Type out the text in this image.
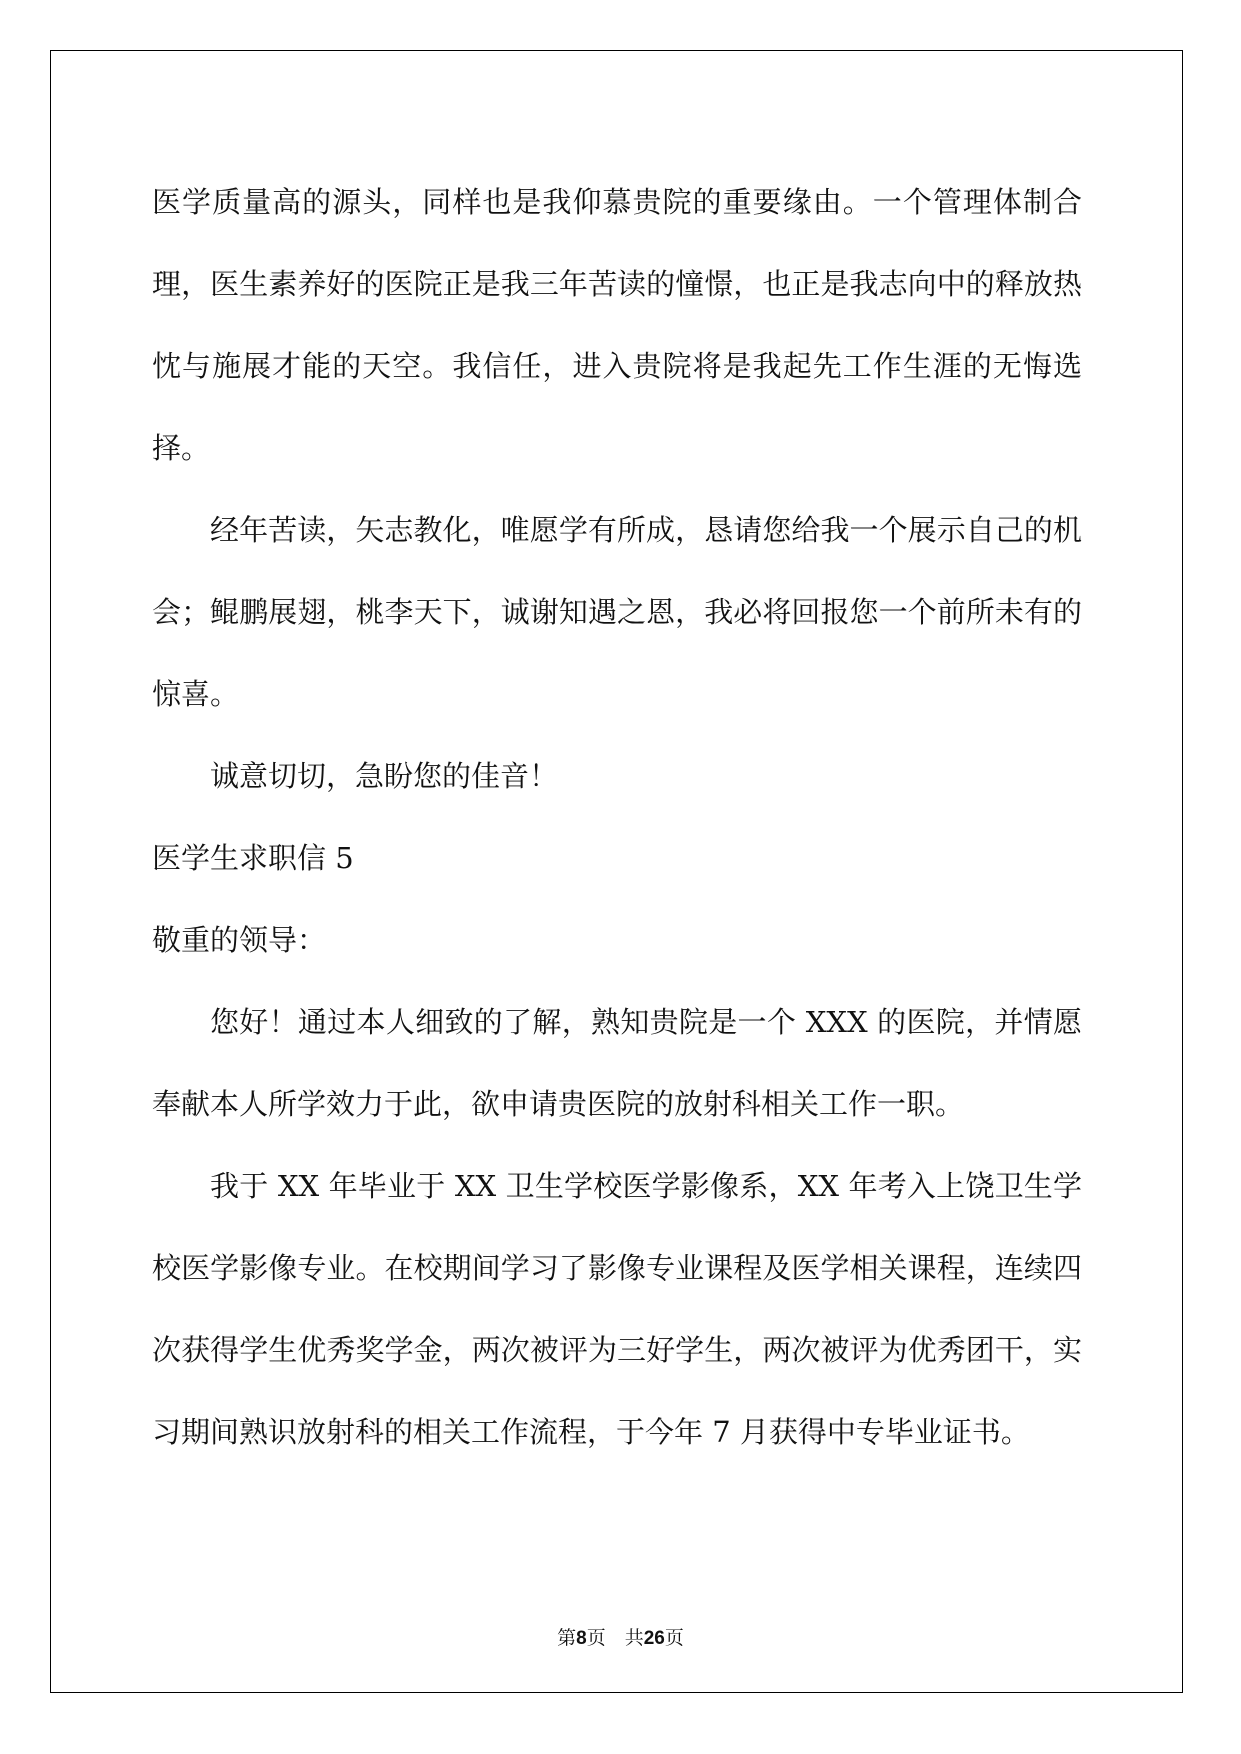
医学质量高的源头，同样也是我仰慕贵院的重要缘由。一个管理体制合理，医生素养好的医院正是我三年苦读的憧憬，也正是我志向中的释放热忱与施展才能的天空。我信任，进入贵院将是我起先工作生涯的无悔选择。

经年苦读，矢志教化，唯愿学有所成，恳请您给我一个展示自己的机会；鲲鹏展翅，桃李天下，诚谢知遇之恩，我必将回报您一个前所未有的惊喜。

诚意切切，急盼您的佳音！

医学生求职信 5

敬重的领导：

您好！通过本人细致的了解，熟知贵院是一个 XXX 的医院，并情愿奉献本人所学效力于此，欲申请贵医院的放射科相关工作一职。

我于 XX 年毕业于 XX 卫生学校医学影像系，XX 年考入上饶卫生学校医学影像专业。在校期间学习了影像专业课程及医学相关课程，连续四次获得学生优秀奖学金，两次被评为三好学生，两次被评为优秀团干，实习期间熟识放射科的相关工作流程，于今年 7 月获得中专毕业证书。

第8页　共26页
